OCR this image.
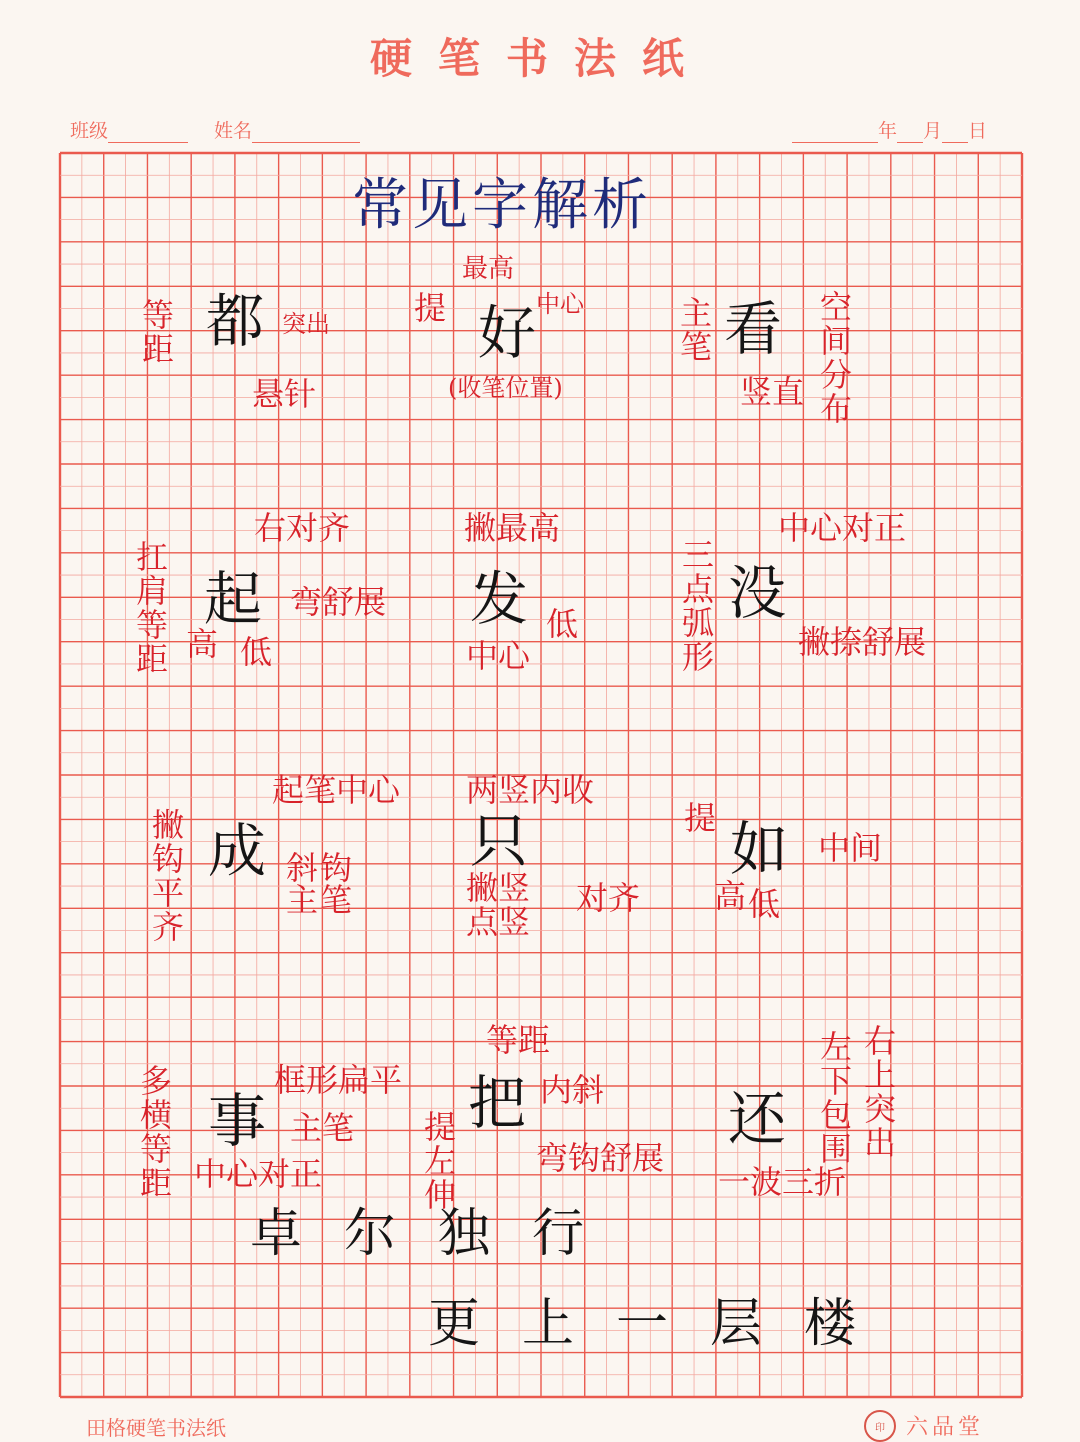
硬笔书法纸
班级	姓名	年 月 日
常见字解析
等距 都 突出
悬针
最高
提 好 中心
(收笔位置)
主笔 看 空间分布
竖直
扛肩等距
右对齐
起 弯舒展
高 低
撇最高
发 低
中心	三点弧形
中心对正
没
撇捺舒展
撇钩平齐
起笔中心
成 斜钩主笔
两竖内收
只
撇竖
点竖
对齐
提 如 中间
高 低
多横等距	框形扁平
事 主笔
中心对正
等距
把 内斜
提左伸 弯钩舒展	左下包围 右上突出
还
一波三折
卓尔独行
更上一层楼
田格硬笔书法纸	印 六品堂
